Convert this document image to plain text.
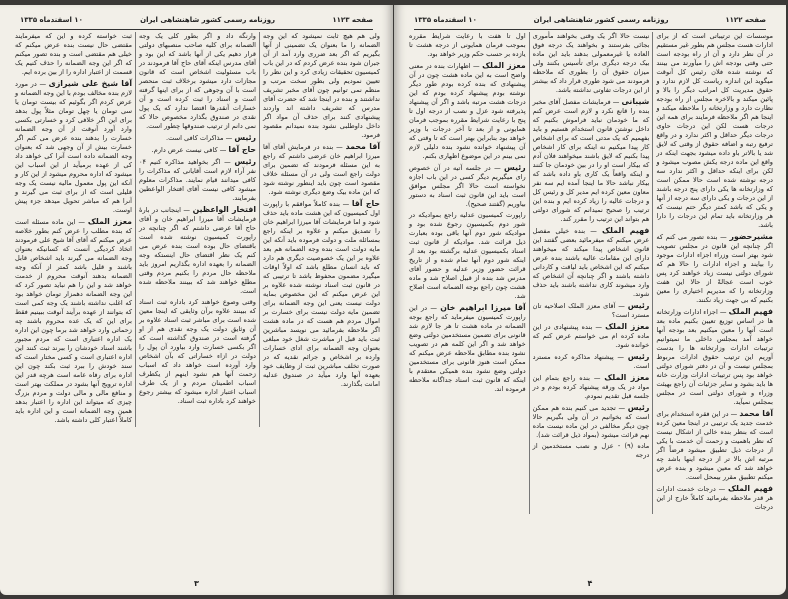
صفحه ۱۱۲۳
روزنامه رسمی کشور شاهنشاهی ایران
۱۰ اسفندماه ۱۳۳۵
ولی هم هیچ ثابت نمیشود که این وجه الضمانه را ما بعنوان یک تضمینی از آنها بگیریم که اگر بعد ضرری وارد آمد از آن جبران شود بنده عرض کردم که در این باب کمیسیون تحقیقات زیادی کرد و این نظر را تعیین نمودیم ولی بطور سخت مرتب و منظم نمی توانیم چون آقای مخبر تشریف نداشتند و بنده در اینجا شد که حضرت آقای مدرس که تشریف داشته اند واردند پیشنهادی کنند برای حذف آن مواد اگر داخل داوطلبی نشود بنده نمیدانم مقصود فرمود.
آقا محمد — بنده در فرمایش آقای آقا میرزا ابراهیم خان عرضی داشتم که راجع به این مسئله فرمودند که تضمین برای دولت راجع است ولی در آن مسئله خلاف مقصود است چون باید اینطور نوشته شود که این ماده بیک وضع دیگری نوشته شود.
حاج آقا — بنده کاملاً موافقم با راپورت اول کمیسیون که این هشت ماده باید حذف شود و اما فرمایشات آقا میرزا ابراهیم خان را تصدیق میکنم و علاوه بر اینکه راجع بمسائله ملت و دولت فرموده باید آنکه این مایه دولت است بنده وجه الضمانه هم بعد علاوه بر این یک خصوصیت دیگری هم دارد که باید انسان مطلع باشد که اولاً اوقات میگیرد مضمون محفوظ باشد تا ترتیبی که در قانون ثبت اسناد نوشته شده علاوه بر این عرض میکنم که این مخصوص بمایه دولت نیست یعنی این وجه الضمانه برای تضمین مایه دولت نیست برای خسارت بر اموال مردم هم هست که در ماده هشت اگر ملاحظه بفرمائید می نویسد مباشرین ثبت باید قبل از مباشرت شغل خود مبلغی بعنوان وجه الضمانه برای ادای خسارات وارده بر اشخاص و جرائم نقدیه که در صورت تخلف مباشرین ثبت از وظایف خود بعهده آنها وارد میآید در صندوق عدلیه امانت بگذارند.
وارنگه داد و اگر بطور کلی یک وجه الضمانه برای کلیه صاحب منصبهای دولتی قرار دهیم یکی از آنها باشد که این بود و آقای مدرس اینکه آقای حاج آقا فرمودند در باب مسئولیت اشخاص است که قانون مجازات دارد میشود برخلاف ثبت منحصر است با آن وجوهی که از برای اینها گرفته است و اسناد را ثبت کرده است و آن خسارات آنقدرها اقتضا ندارد که یک پول نقدی در صندوق بگذارد مخصوص حالا که نمی دانم از ترتیب صندوقها چطور است.
رئیس — مذاکرات کافی است.
حاج آقا — کافی نیست عرض دارم.
رئیس — اگر بخواهید مذاکره کنیم ۰۴ نفر آراء لازم است آقایانی که مذاکرات را کافی میدانند قیام نمایند. مذاکرات معلوم میشود کافی نیست آقای افتخار الواعظین بفرمایند.
افتخار الواعظین — اینجانب در بارهٔ فرمایشات آقا میرزا ابراهیم خان و آقای حاج آقا عرضی داشتم که اگر چنانچه در راپورت کمیسیون نوشته شده است باقتضای حال بوده است بنده عرض می کنم یک نظر اقتضای حال اینستکه وجه الضمانه را بعهده اداره بگذاریم امروز باید ملاحظه حال مردم را بکنیم مردم وقتی مطلع خواهند شد که ببینند ملاحظه شده است.
وقتی وصوع خواهند کرد باداره ثبت اسناد که ببینند علاوه برآن وثایقی که اینجا معین شده است برای مباشر ثبت اسناد علاوه بر آن وثایق دولت یک وجه نقدی هم از او گرفته است در صندوق گذاشته است که اگر بکسی خسارت وارد بیاورد آن پول را دولت در ازاء خساراتی که بآن اشخاص وارد آورده است خواهد داد که اسباب زحمت آنها هم نشود اینهم از یکطرف اسباب اطمینان مردم و از یک طرف اسباب اعتبار اداره میشود که بیشتر رجوع خواهند کرد باداره ثبت اسناد.
ثبت خواسته کرده و این که میفرمایند مقتضی حال نیست بنده عرض میکنم که خیلی هم مقتضی است و بنده تصور میکنم که اگر این وجه الضمانه را حذف کنیم یک قسمت از اعتبار اداره را از بین برده ایم.
آقا شیخ علی شیرازی — در مورد لازم بنده مخالف بودم با این وجه الضمانه و عرض کردم اگر بگوئیم که بیست تومان یا سی تومان یا چهل تومان مثلاً پول بدهد برای این اگر خلافی کرد و خسارتی بکسی وارد آورد آنوقت از آن وجه الضمانه خسارت را بدهند بنده عرض می کنم اگر خسارت بیش از آن وجهی شد که بعنوان وجه الضمانه داده است آنرا کی خواهد داد کی از عهده برمیآید از این اسباب این میشود که اداره محروم میشود از این کار و آنکه این پول معمول مالیه نیست یک وجه قلیلی است که از برای ثبت می گیرند و آنرا هم که مباشر تحویل میدهد جزء پیش اوست.
معزز الملک — این ماده مسئله است که بنده مطلب را عرض کنم بطور خلاصه عرض میکنم که آقای آقا شیخ علی فرمودند اتخاذ کردیگی آنست که کسانیکه بعنوان وجه الضمانه می گیرند باید اشخاص قابل باشند و قلیل باشد کمتر از آنکه وجه الضمانه بدهند آنوقت محروم از خدمت خواهد شد و این را هم نباید تصور کرد که این وجه الضمانه دهمزار تومان خواهد بود که اغلب نداشته باشند یک وجه کمی است که بتوانند از عهده برآیند آنوقت ببینیم فقط برای این که یک عده محروم باشند چه زحماتی وارد خواهد شد برما چون این اداره یک اداره اعتباری است که مردم مجبور باشند اسناد خودشان را ببرند ثبت کنند این اداره اعتباری است و کسی مختار است که سند خودش را ببرد ثبت بکند چون این اداره برای رفاه عامه است هرچه قدر این اداره ترویج آنها بشود در مملکت بهتر است و منافع مالی و مالی دولت و مردم بزرگ چیزی که میتواند این اداره را اعتبار بدهد همین وجه الضمانه است و این اداره باید کاملاً اعتبار کلی داشته باشد.
۳
صفحه ۱۱۲۲
روزنامه رسمی کشور شاهنشاهی ایران
۱۰ اسفندماه ۱۳۳۵
موسسات این ترتیباتی است که از برای ادارات هست مجلس هم بطور غیر مستقیم در آن نظر دارد و آن از راه بودجه است حتی وقتی بودجه اش را میآورند می بینند که نوشته شده فلان رئیس کل آنوقت میگوید این اندازه ریاست کل لازم ندارد و حقوق مدیریت کل امراتب دیگر را بالا و پائین میکند و بالاخره مجلس از راه بودجه نظارت دارد و وزارتخانه را ملاحظه میکند و اینجا هم اگر ملاحظه فرمایند برای همه این درجات هست لکن این درجات حاوی درجات دیگر حداقل و اکثر ندارد و در واقع ترفیع رتبه و اضافه حقوق از وقتی که لایق شد یا بالاتر باو داده میشود بجهت اینکه در واقع این ماده درجه یکش مصوب میشود و لکن برای اینکه حداقل و اکثر ندارد سه درجه نوشته شده است حالا ممکن است که وزارتخانه ها یکی دارای پنج درجه باشند از این درجات و یکی دارای سه درجه از آنها و یکی که باشد کمتر دیگر حتم نیست که هر وزارتخانه باید تمام این درجات را دارا باشد.
مشیرحضور — بنده تصور می کنم که اگر چنانچه این قانون در مجلس تصویب شود بهتر است وزراء اجزاء ادارات موجود را بیایند و اجزاء ادارات را حالا هم که شورای دولتی نیست زیاد خواهند کرد پس خوب است عجالةً از حالا این هفت وزارتخانه را که مدیریم اختیاری را معین بکنیم که بی جهت زیاد نکنند.
فهیم الملک — اجزاء ادارات وزارتخانه ها در اساس توزیع تعیین بکنیم ماده بعد است آنها را معین میکنیم بعد بودجه آنها خواهد آمد بمجلس داخلی ما نمیتوانیم ترتیبات ادارات وزارتخانه ها را بدست آوریم این ترتیب حقوق ادارات مربوط بمجلس نیست و آن در دفتر شورای دولتی خواهد بود پس ترتیبات ادارات وزارت خانه ها باید بشود و سایر جزئیات آن راجع بهیئت وزراء و شورای دولتی است در مجلس بمجلس نمیآید.
آقا محمد — در این فقره استخدام برای خدمت جدید یک ترتیبی در اینجا معین کرده است که بنظر بنده خالی از اشکال نیست که نظر باهمیت و زحمت آن خدمت با یکی از درجات ذیل تطبیق میشود فرضاً اگر مرتبه اش بالا تر از درجه اینها باشد چه خواهد شد که معین میشود و بنده عرض میکنم تطبیق مقرر بیمحل است.
فهیم الملک — درجات خدمت ادارات هر قدر ملاحظه بفرمائید کاملاً خارج از این درجات
نیست حالا اگر یک وقتی بخواهند مأموری بجائی بفرستند و بخواهند یک درجه فوق العاده یا غیرمعمولی بدهند باید این ماده بیک درجه دیگری برای تأسیس بکنند ولی میزان حقوق آن را بطوری که ملاحظه فرمودند می شود طوری قرار داد که بیشتر از این درجات تفاوتی نداشته باشد.
شیبانی — فرمایشات مفصل آقای مخبر بنده را قانع نکرد و لازم است عرض کنم که ما خودمان نباید فراموش بکنیم که داخل نوشتن قانون استخدام هستیم و باید بفهمیم که یک مدتی است که برای اشخاص کار پیدا میکنیم نه اینکه برای کار اشخاص پیدا بکنیم که لایق باشند میخواهند فلان آدم که بیکار است او را در بین خودمان جا کنند و اینکه واقعاً یک کاری باو داده باشد که بیکار نباشد حالا ما اینجا آمده ایم سه نفر معاون معین کرده ایم مدیر کل و رئیس کل و درجات عالیه را زیاد کرده ایم و بنده این ترتیب را صحیح نمیدانم که شورای دولتی هم بتواند این ترتیب را مقرر کند.
فهیم الملک — بنده خیلی مفصل عرض میکنم که میفرمائید بعضی گفتند این قانون اشخاص پیدا میکند که میخواهند دارای این مقامات عالیه باشند بنده عرض میکنم که این اشخاص باید لیاقت و کاردانی داشته باشند و اگر چنانچه آن اشخاص که وارد میشوند کاری نداشته باشند باید حذف شوند.
رئیس — آقای معزز الملک اصلاحیه تان مسترد است؟
معزز الملک — بنده پیشنهادی در این ماده کرده ام می خواستم عرض کنم که خوانده شود.
رئیس — پیشنهاد مذاکره کرده مسترد است.
معزز الملک — بنده راجع بتمام این مواد در یک ورقه پیشنهاد کرده بودم و در جلسه قبل تقدیم نمودم.
رئیس — تجدید می کنیم بنده هم ممکن است که بخوانیم در آن ولی بگیریم حالا چون دیگر مخالفی در این ماده نیست ماده نهم قرائت میشود (بمواد ذیل قرائت شد).
ماده (۹) - عزل و نصب مستخدمین از درجه
اول تا هفت با رعایت شرایط مقرره بموجب فرمان همایونی از درجه هشت تا یازده بر حسب حکم وزیر خواهد بود.
معزز الملک — اظهارات بنده در معنی واضح است به این ماده هشت چون در آن پیشنهادی که بنده کرده بودم طور دیگر نوشته بودم پیشنهاد کرده بودم که این درجات هشت مرتبه باشد و اگر آن پیشنهاد پذیرفته شود عزل و نصب از درجه اول تا پنج با رعایت شرایط مقرره بموجب فرمان همایونی و از بعد تا آخر درجات با وزیر خواهد بود بنابراین بهتر است که تا وقتی که آن پیشنهاد خوانده نشود بنده دلیلی لازم نمی بینم در این موضوع اظهاری بکنم.
رئیس — در جلسه آتیه در آن خصوص رای میگیریم دیگر کسی در این باب اجازه نخواسته است حالا اگر مجلس موافق است باید این قانون ثبت اسناد به دستور بیاوریم (گفتند صحیح).
راپورت کمیسیون عدلیه راجع بموادیکه در شور دوم بکمیسیون رجوع شده بود و موادیکه شور دوم آنها باقی بوده بعبارت ذیل قرائت شد. موادیکه از قانون ثبت اسناد بکمیسیون عدلیه برگشته بود بعد از اینکه شور دوم آنها تمام شده و از تاریخ قرائت حضور وزیر عدلیه و حضور آقای مدرس شد بنده از قبیل اصلاح شد و ماده هشت چون راجع بوجه الضمانه است اصلاح شد.
آقا میرزا ابراهیم خان — در این راپورت کمیسیون میفرماید که راجع بوجه الضمانه در ماده هشت تا هر جا لازم شد قانونی برای تضمین مستخدمین دولتی وضع خواهد شد و اگر این کلمه هم در تصویب نشود بنده مطابق ملاحظه عرض میکنم که ممکن است هنوز قانونی برای مستخدمین دولتی وضع نشود بنده همیکی معتقدم با اینکه که قانون ثبت اسناد جداگانه ملاحظه فرموده اند.
۴
